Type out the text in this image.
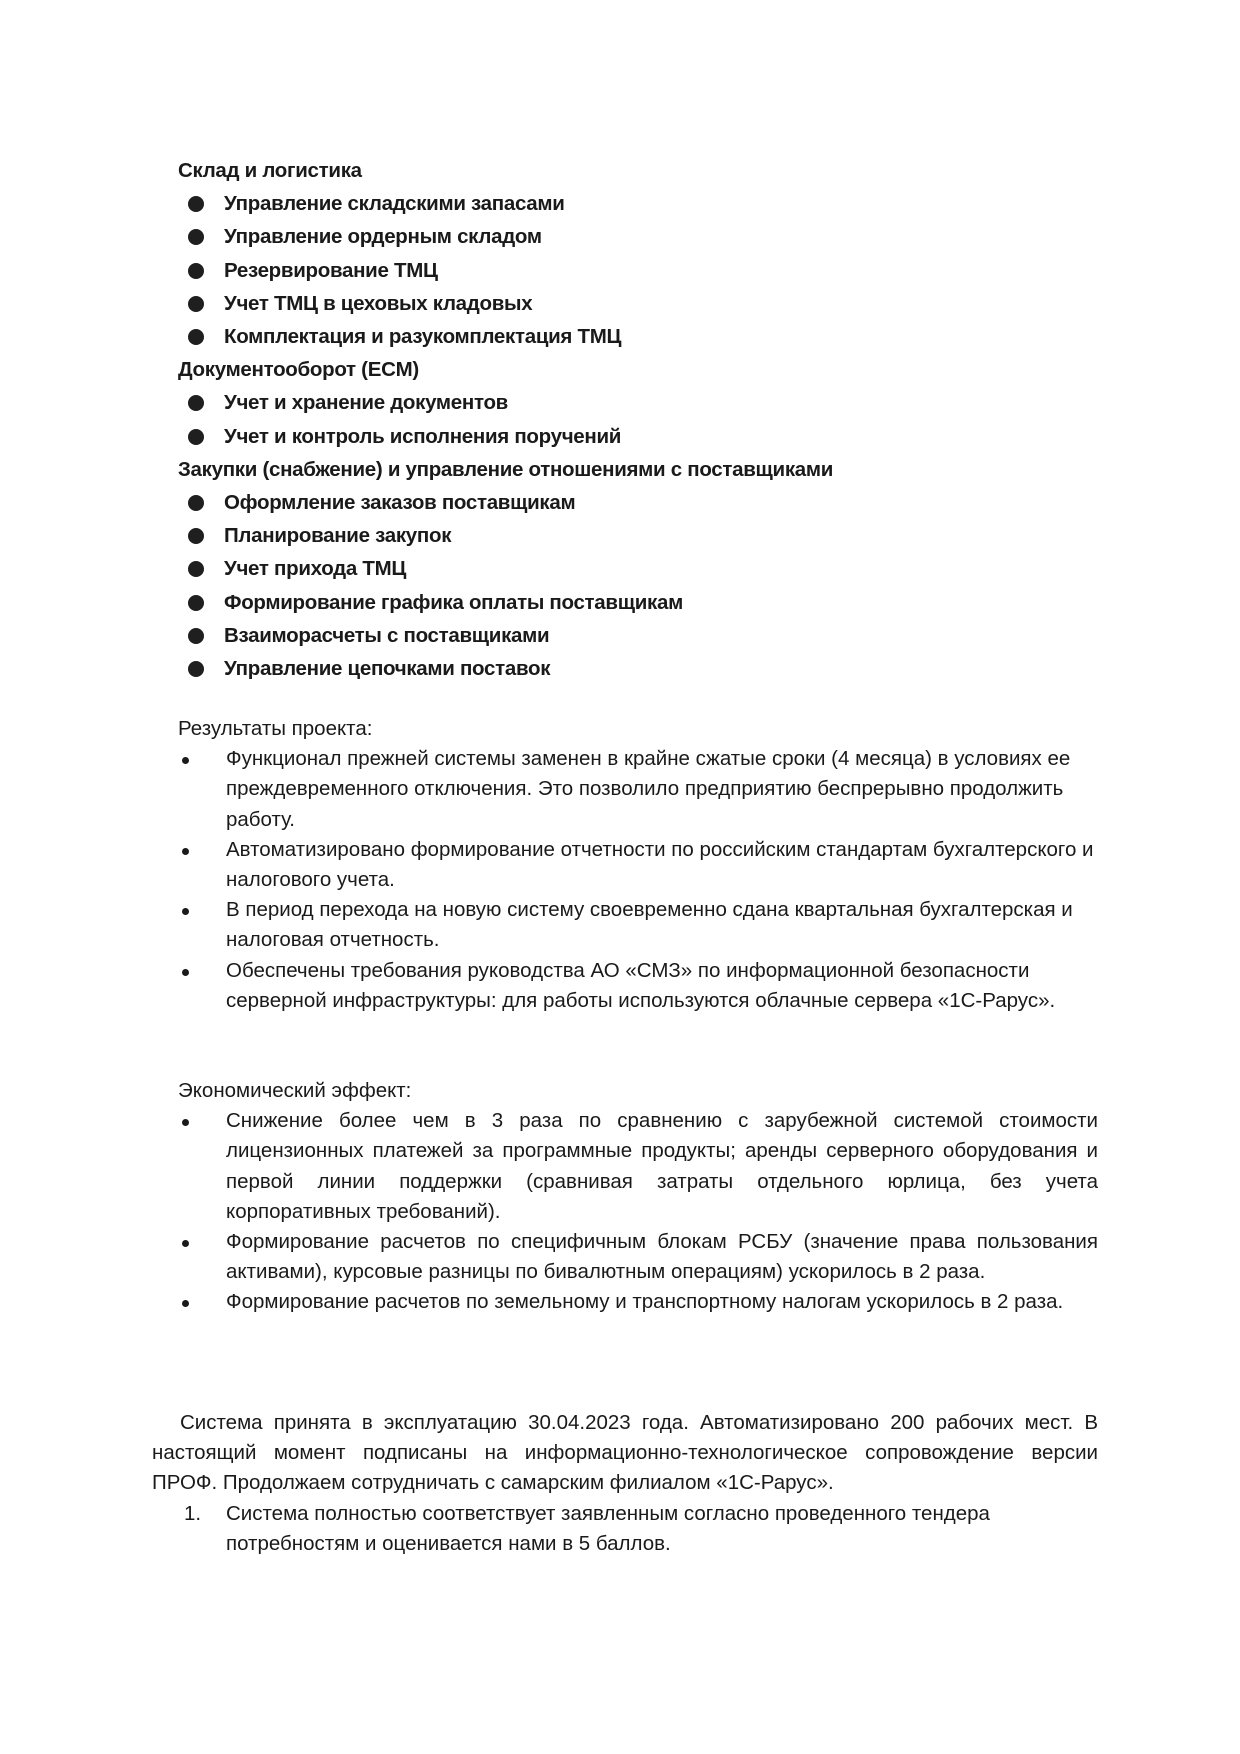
Склад и логистика
Управление складскими запасами
Управление ордерным складом
Резервирование ТМЦ
Учет ТМЦ в цеховых кладовых
Комплектация и разукомплектация ТМЦ
Документооборот (ECM)
Учет и хранение документов
Учет и контроль исполнения поручений
Закупки (снабжение) и управление отношениями с поставщиками
Оформление заказов поставщикам
Планирование закупок
Учет прихода ТМЦ
Формирование графика оплаты поставщикам
Взаиморасчеты с поставщиками
Управление цепочками поставок
Результаты проекта:
Функционал прежней системы заменен в крайне сжатые сроки (4 месяца) в условиях ее преждевременного отключения. Это позволило предприятию беспрерывно продолжить работу.
Автоматизировано формирование отчетности по российским стандартам бухгалтерского и налогового учета.
В период перехода на новую систему своевременно сдана квартальная бухгалтерская и налоговая отчетность.
Обеспечены требования руководства АО «СМЗ» по информационной безопасности серверной инфраструктуры: для работы используются облачные сервера «1С-Рарус».
Экономический эффект:
Снижение более чем в 3 раза по сравнению с зарубежной системой стоимости лицензионных платежей за программные продукты; аренды серверного оборудования и первой линии поддержки (сравнивая затраты отдельного юрлица, без учета корпоративных требований).
Формирование расчетов по специфичным блокам РСБУ (значение права пользования активами), курсовые разницы по бивалютным операциям) ускорилось в 2 раза.
Формирование расчетов по земельному и транспортному налогам ускорилось в 2 раза.

Система принята в эксплуатацию 30.04.2023 года. Автоматизировано 200 рабочих мест. В настоящий момент подписаны на информационно-технологическое сопровождение версии ПРОФ. Продолжаем сотрудничать с самарским филиалом «1С-Рарус».

1. Система полностью соответствует заявленным согласно проведенного тендера потребностям и оценивается нами в 5 баллов.
